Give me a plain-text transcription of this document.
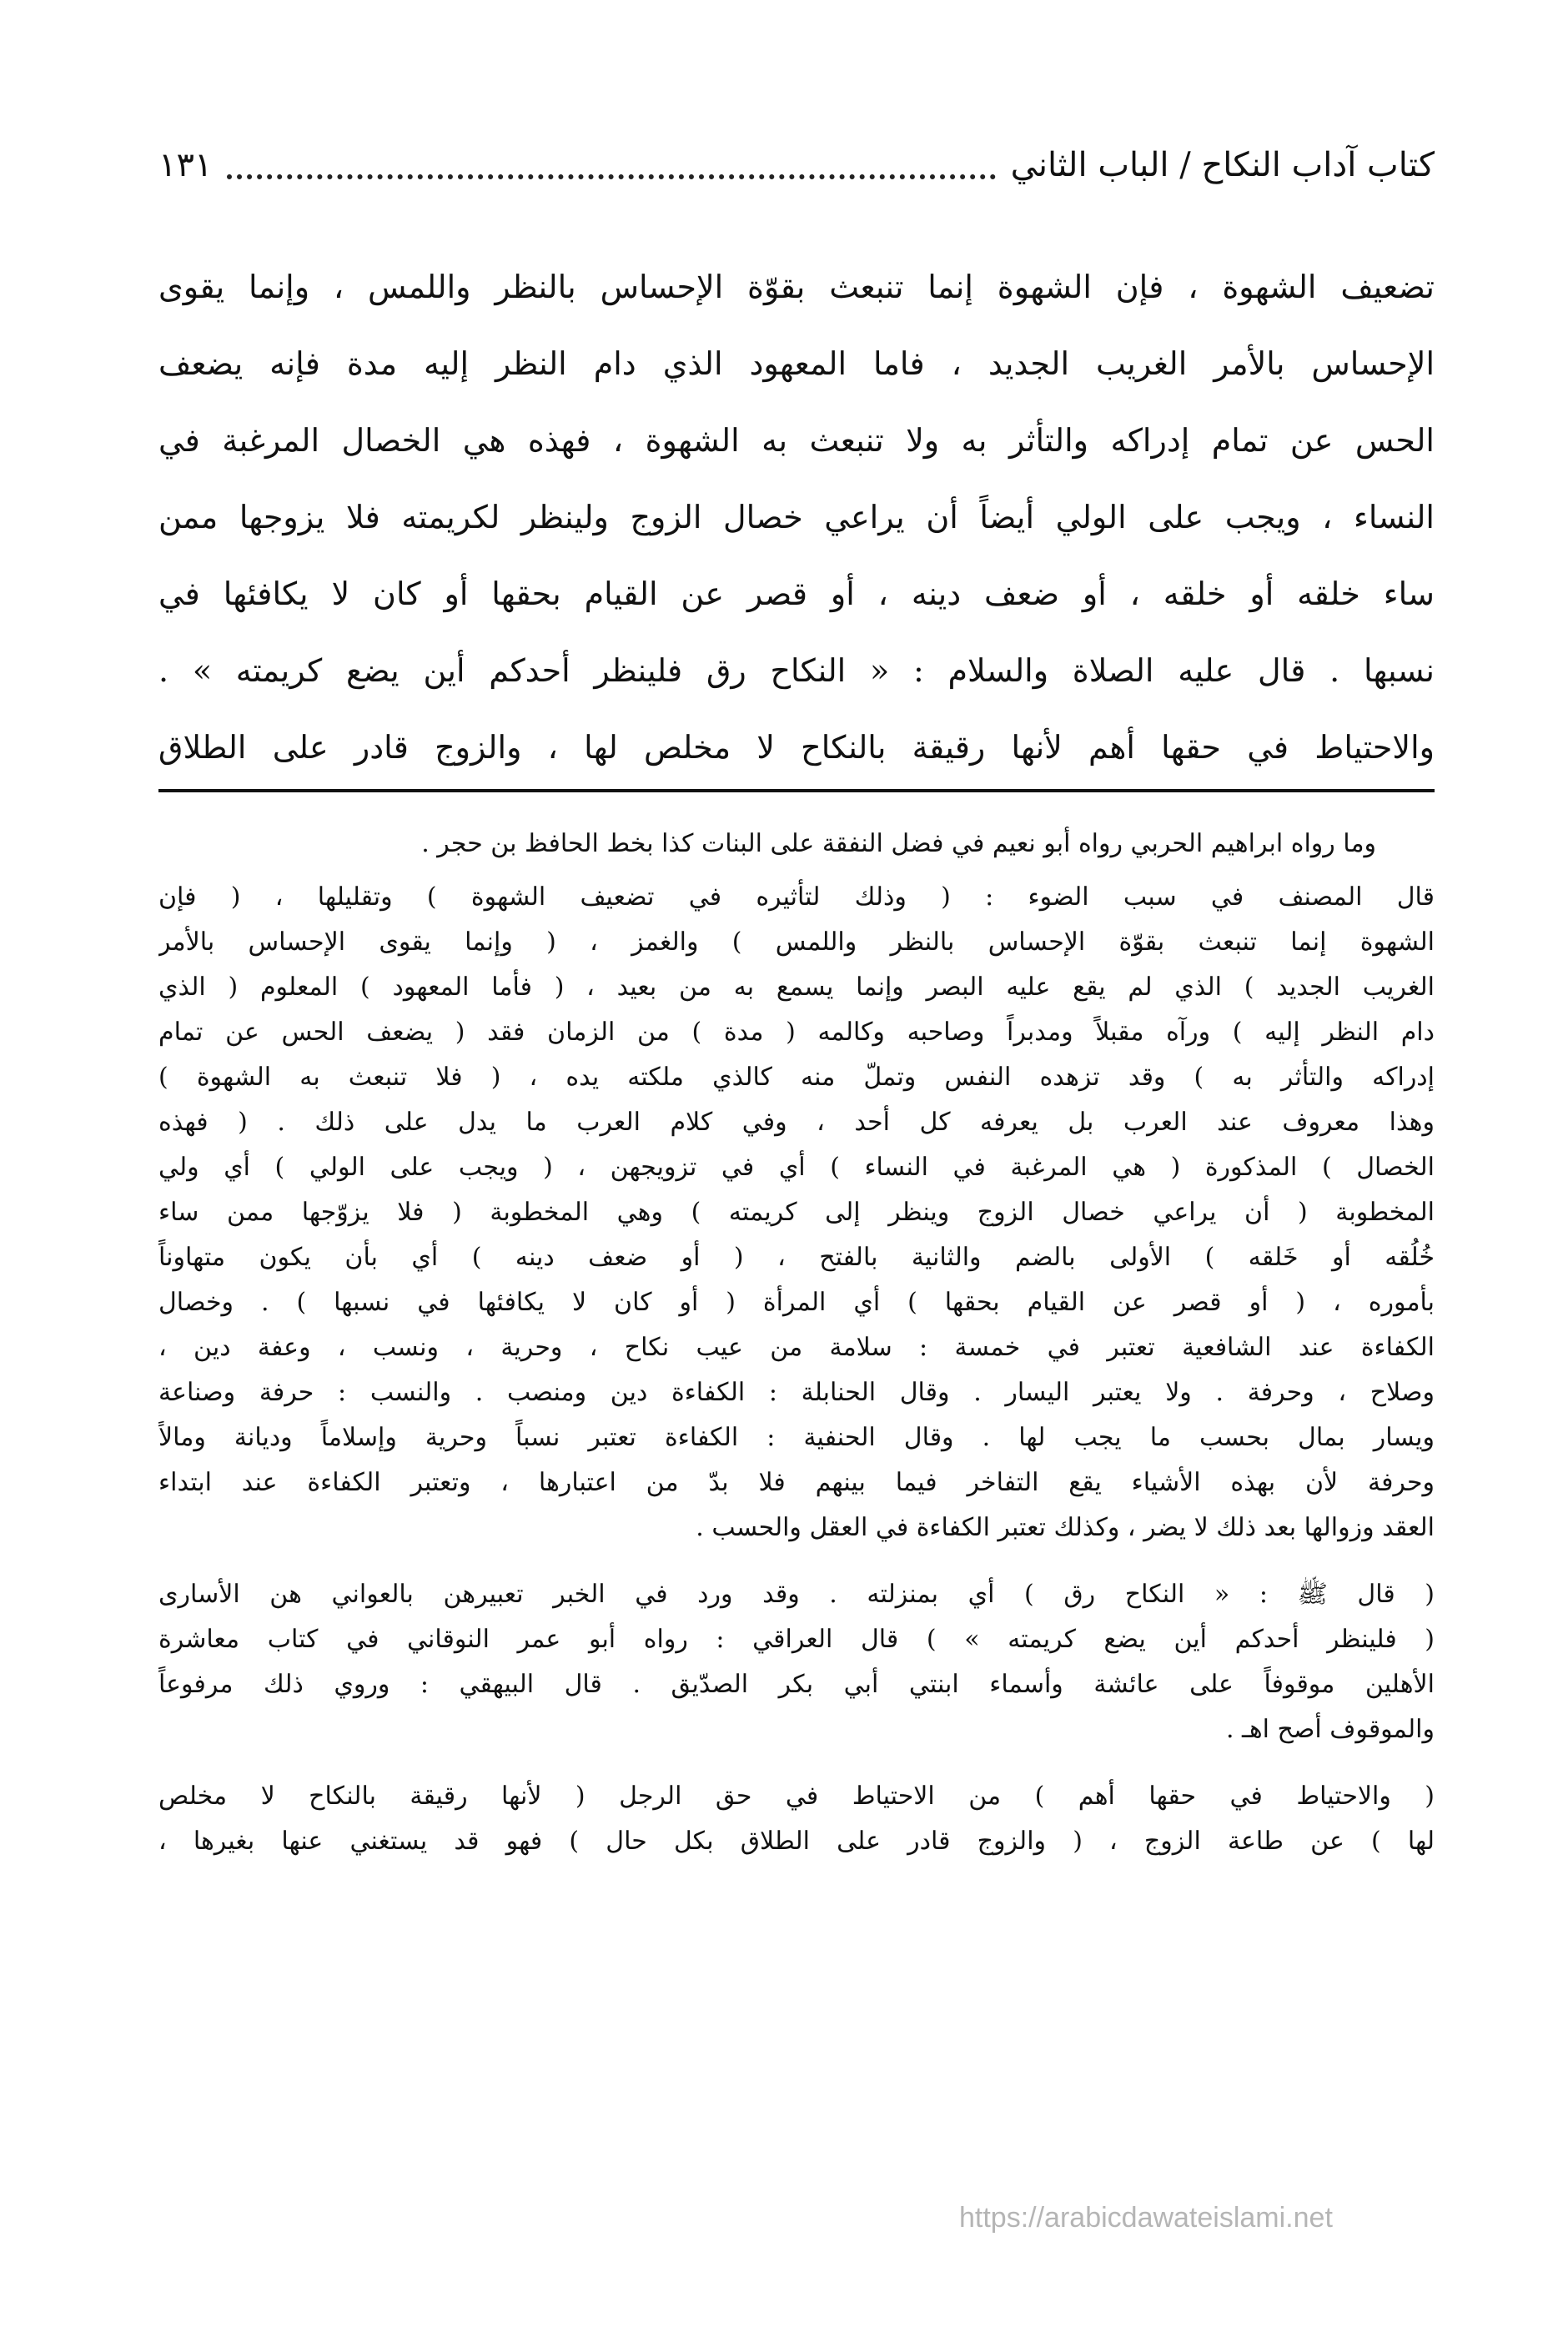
كتاب آداب النكاح / الباب الثاني
١٣١
تضعيف الشهوة ، فإن الشهوة إنما تنبعث بقوّة الإحساس بالنظر واللمس ، وإنما يقوى
الإحساس بالأمر الغريب الجديد ، فاما المعهود الذي دام النظر إليه مدة فإنه يضعف
الحس عن تمام إدراكه والتأثر به ولا تنبعث به الشهوة ، فهذه هي الخصال المرغبة في
النساء ، ويجب على الولي أيضاً أن يراعي خصال الزوج ولينظر لكريمته فلا يزوجها ممن
ساء خلقه أو خلقه ، أو ضعف دينه ، أو قصر عن القيام بحقها أو كان لا يكافئها في
نسبها . قال عليه الصلاة والسلام : « النكاح رق فلينظر أحدكم أين يضع كريمته » .
والاحتياط في حقها أهم لأنها رقيقة بالنكاح لا مخلص لها ، والزوج قادر على الطلاق
وما رواه ابراهيم الحربي رواه أبو نعيم في فضل النفقة على البنات كذا بخط الحافظ بن حجر .
قال المصنف في سبب الضوء : ( وذلك لتأثيره في تضعيف الشهوة ) وتقليلها ، ( فإن
الشهوة إنما تنبعث بقوّة الإحساس بالنظر واللمس ) والغمز ، ( وإنما يقوى الإحساس بالأمر
الغريب الجديد ) الذي لم يقع عليه البصر وإنما يسمع به من بعيد ، ( فأما المعهود ) المعلوم ( الذي
دام النظر إليه ) ورآه مقبلاً ومدبراً وصاحبه وكالمه ( مدة ) من الزمان فقد ( يضعف الحس عن تمام
إدراكه والتأثر به ) وقد تزهده النفس وتملّ منه كالذي ملكته يده ، ( فلا تنبعث به الشهوة )
وهذا معروف عند العرب بل يعرفه كل أحد ، وفي كلام العرب ما يدل على ذلك . ( فهذه
الخصال ) المذكورة ( هي المرغبة في النساء ) أي في تزويجهن ، ( ويجب على الولي ) أي ولي
المخطوبة ( أن يراعي خصال الزوج وينظر إلى كريمته ) وهي المخطوبة ( فلا يزوّجها ممن ساء
خُلُقه أو خَلقه ) الأولى بالضم والثانية بالفتح ، ( أو ضعف دينه ) أي بأن يكون متهاوناً
بأموره ، ( أو قصر عن القيام بحقها ) أي المرأة ( أو كان لا يكافئها في نسبها ) . وخصال
الكفاءة عند الشافعية تعتبر في خمسة : سلامة من عيب نكاح ، وحرية ، ونسب ، وعفة دين ،
وصلاح ، وحرفة . ولا يعتبر اليسار . وقال الحنابلة : الكفاءة دين ومنصب . والنسب : حرفة وصناعة
ويسار بمال بحسب ما يجب لها . وقال الحنفية : الكفاءة تعتبر نسباً وحرية وإسلاماً وديانة ومالاً
وحرفة لأن بهذه الأشياء يقع التفاخر فيما بينهم فلا بدّ من اعتبارها ، وتعتبر الكفاءة عند ابتداء
العقد وزوالها بعد ذلك لا يضر ، وكذلك تعتبر الكفاءة في العقل والحسب .
( قال ﷺ : « النكاح رق ) أي بمنزلته . وقد ورد في الخبر تعبيرهن بالعواني هن الأسارى
( فلينظر أحدكم أين يضع كريمته » ) قال العراقي : رواه أبو عمر النوقاني في كتاب معاشرة
الأهلين موقوفاً على عائشة وأسماء ابنتي أبي بكر الصدّيق . قال البيهقي : وروي ذلك مرفوعاً
والموقوف أصح اهـ .
( والاحتياط في حقها أهم ) من الاحتياط في حق الرجل ( لأنها رقيقة بالنكاح لا مخلص
لها ) عن طاعة الزوج ، ( والزوج قادر على الطلاق بكل حال ) فهو قد يستغني عنها بغيرها ،
https://arabicdawateislami.net
